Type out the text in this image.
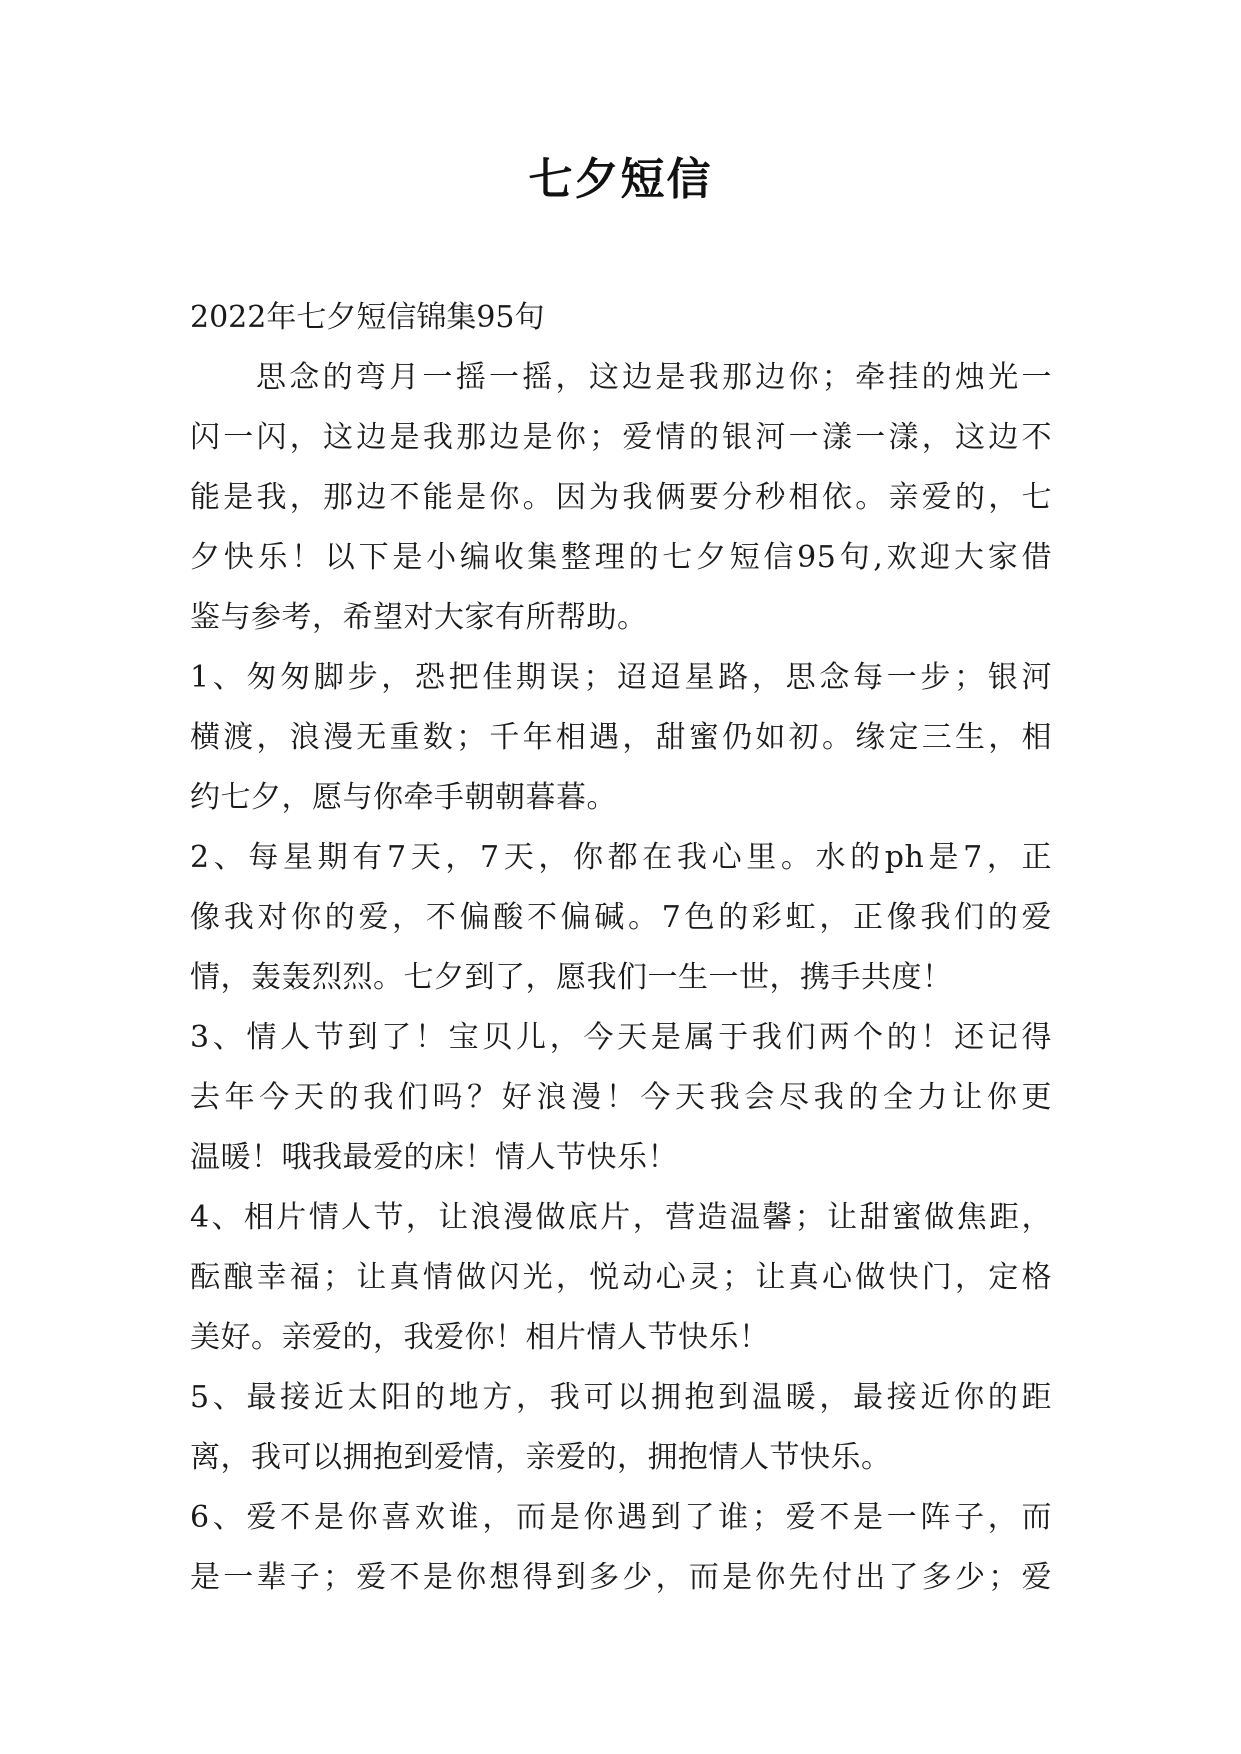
七夕短信
2022年七夕短信锦集95句
思念的弯月一摇一摇，这边是我那边你；牵挂的烛光一
闪一闪，这边是我那边是你；爱情的银河一漾一漾，这边不
能是我，那边不能是你。因为我俩要分秒相依。亲爱的，七
夕快乐！以下是小编收集整理的七夕短信95句,欢迎大家借
鉴与参考，希望对大家有所帮助。
1、匆匆脚步，恐把佳期误；迢迢星路，思念每一步；银河
横渡，浪漫无重数；千年相遇，甜蜜仍如初。缘定三生，相
约七夕，愿与你牵手朝朝暮暮。
2、每星期有7天，7天，你都在我心里。水的ph是7，正
像我对你的爱，不偏酸不偏碱。7色的彩虹，正像我们的爱
情，轰轰烈烈。七夕到了，愿我们一生一世，携手共度！
3、情人节到了！宝贝儿，今天是属于我们两个的！还记得
去年今天的我们吗？好浪漫！今天我会尽我的全力让你更
温暖！哦我最爱的床！情人节快乐！
4、相片情人节，让浪漫做底片，营造温馨；让甜蜜做焦距，
酝酿幸福；让真情做闪光，悦动心灵；让真心做快门，定格
美好。亲爱的，我爱你！相片情人节快乐！
5、最接近太阳的地方，我可以拥抱到温暖，最接近你的距
离，我可以拥抱到爱情，亲爱的，拥抱情人节快乐。
6、爱不是你喜欢谁，而是你遇到了谁；爱不是一阵子，而
是一辈子；爱不是你想得到多少，而是你先付出了多少；爱
